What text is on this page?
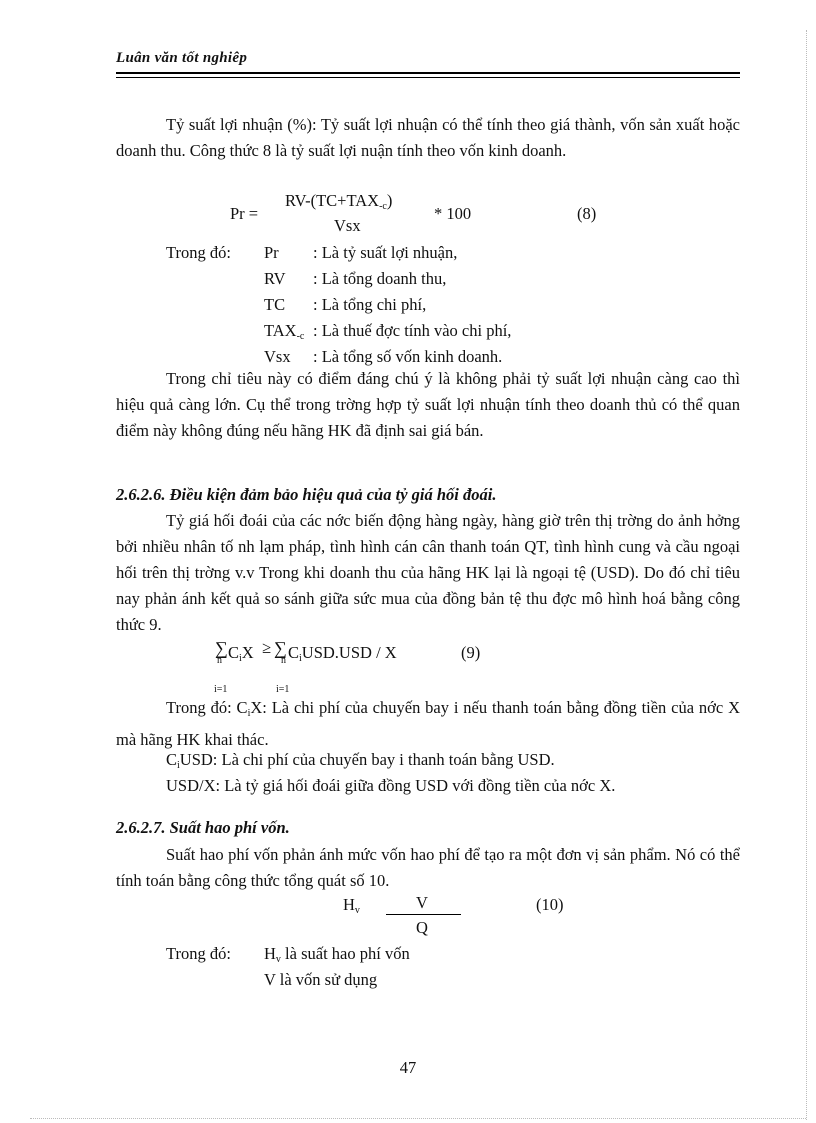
Luân văn tốt nghiêp

Tỷ suất lợi nhuận (%): Tỷ suất lợi nhuận có thể tính theo giá thành, vốn sản xuất hoặc doanh thu. Công thức 8 là tỷ suất lợi nuận tính theo vốn kinh doanh.

Pr =
$RV-(TC+TAX_{-c})$
Vsx
* 100	(8)
Trong đó: Pr : Là tỷ suất lợi nhuận,
RV : Là tổng doanh thu,
TC : Là tổng chi phí,
$TAX_{-c}$ : Là thuế đợc tính vào chi phí,
Vsx : Là tổng số vốn kinh doanh.

Trong chỉ tiêu này có điểm đáng chú ý là không phải tỷ suất lợi nhuận càng cao thì hiệu quả càng lớn. Cụ thể trong trờng hợp tỷ suất lợi nhuận tính theo doanh thủ có thể quan điểm này không đúng nếu hãng HK đã định sai giá bán.

2.6.2.6. Điều kiện đảm bảo hiệu quả của tỷ giá hối đoái.

Tỷ giá hối đoái của các nớc biến động hàng ngày, hàng giờ trên thị trờng do ảnh hởng bởi nhiều nhân tố nh lạm pháp, tình hình cán cân thanh toán QT, tình hình cung và cầu ngoại hối trên thị trờng v.v Trong khi doanh thu của hãng HK lại là ngoại tệ (USD). Do đó chỉ tiêu nay phản ánh kết quả so sánh giữa sức mua của đồng bản tệ thu đợc mô hình hoá bằng công thức 9.

∑
n $C_iX$ ≥ ∑
n $C_iUSD.USD$ / X	(9)
i=1	i=1

Trong đó: $C_iX$: Là chi phí của chuyến bay i nếu thanh toán bằng đồng tiền của nớc X mà hãng HK khai thác.

$C_iUSD$: Là chi phí của chuyến bay i thanh toán bằng USD.
USD/X: Là tỷ giá hối đoái giữa đồng USD với đồng tiền của nớc X.
2.6.2.7. Suất hao phí vốn.

Suất hao phí vốn phản ánh mức vốn hao phí để tạo ra một đơn vị sản phẩm. Nó có thể tính toán bằng công thức tổng quát số 10.

$H_v$	V
Q
(10)
Trong đó: $H_v$ là suất hao phí vốn
V là vốn sử dụng
47
